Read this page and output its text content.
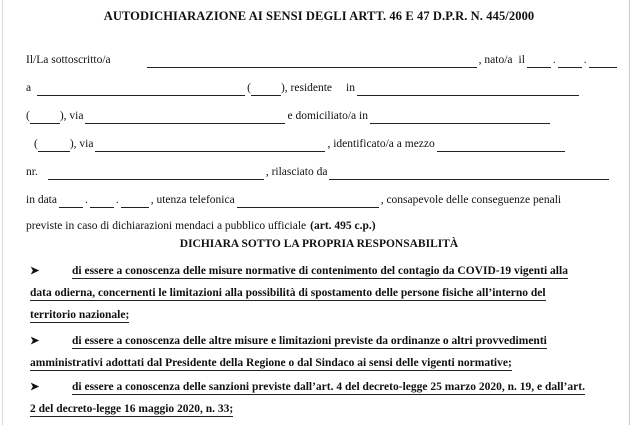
AUTODICHIARAZIONE AI SENSI DEGLI ARTT. 46 E 47 D.P.R. N. 445/2000
Il/La sottoscritto/a	, nato/a il . .
a	(	), residente in
(	), via	e domiciliato/a in
(	), via	, identificato/a a mezzo
nr.	, rilasciato da
in data . .	, utenza telefonica	, consapevole delle conseguenze penali
previste in caso di dichiarazioni mendaci a pubblico ufficiale (art. 495 c.p.)
DICHIARA SOTTO LA PROPRIA RESPONSABILITÀ
➤	di essere a conoscenza delle misure normative di contenimento del contagio da COVID-19 vigenti alla
data odierna, concernenti le limitazioni alla possibilità di spostamento delle persone fisiche all’interno del
territorio nazionale;
➤	di essere a conoscenza delle altre misure e limitazioni previste da ordinanze o altri provvedimenti
amministrativi adottati dal Presidente della Regione o dal Sindaco ai sensi delle vigenti normative;
➤	di essere a conoscenza delle sanzioni previste dall’art. 4 del decreto-legge 25 marzo 2020, n. 19, e dall’art.
2 del decreto-legge 16 maggio 2020, n. 33;
